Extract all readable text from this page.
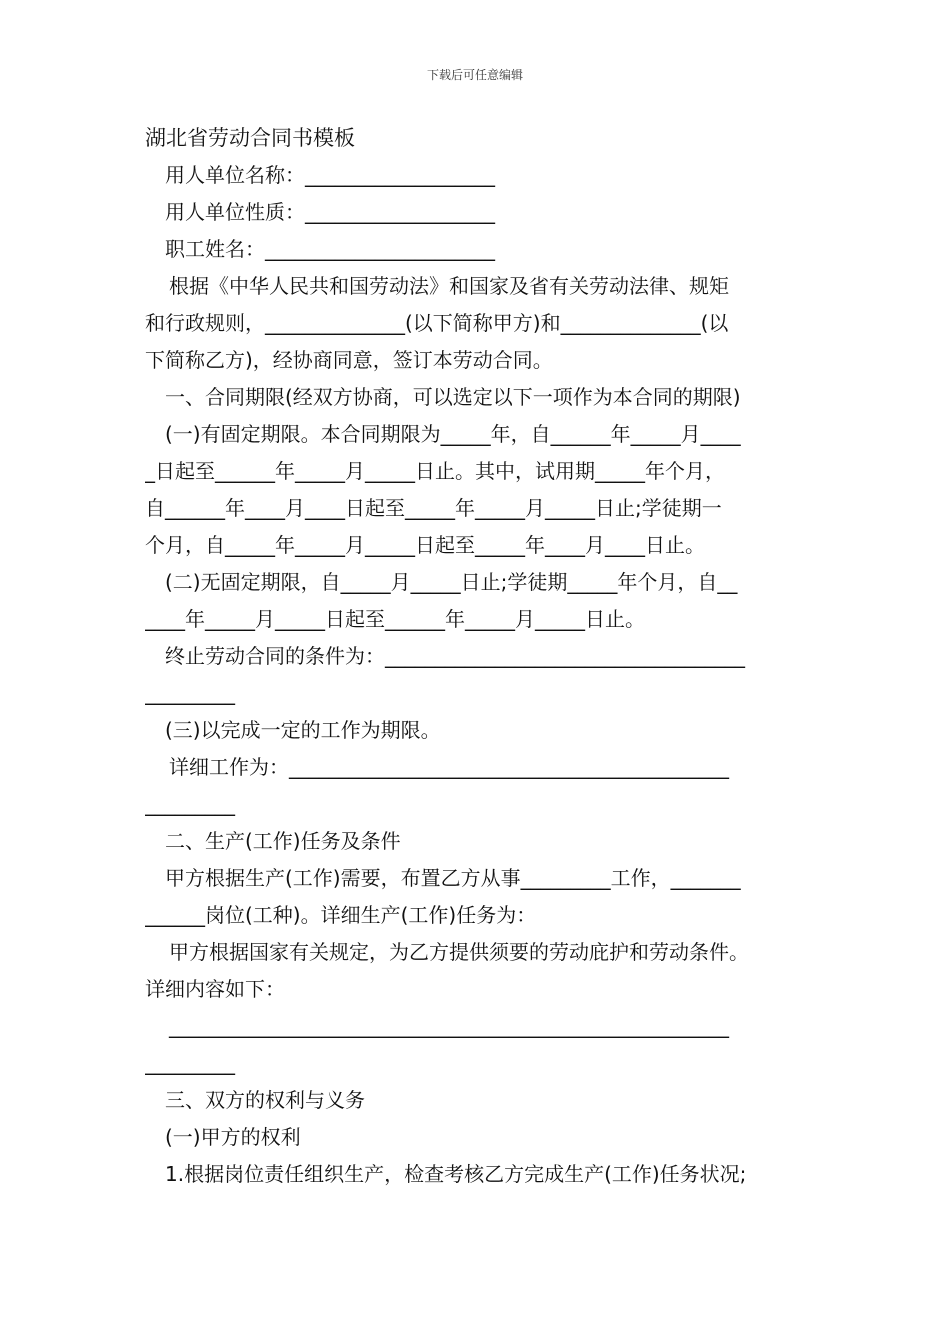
下载后可任意编辑
湖北省劳动合同书模板
用人单位名称：___________________
用人单位性质：___________________
职工姓名：_______________________
根据《中华人民共和国劳动法》和国家及省有关劳动法律、规矩
和行政规则，______________(以下简称甲方)和______________(以
下简称乙方)，经协商同意，签订本劳动合同。
一、合同期限(经双方协商，可以选定以下一项作为本合同的期限)
(一)有固定期限。本合同期限为_____年，自______年_____月____
_日起至______年_____月_____日止。其中，试用期_____年个月，
自______年____月____日起至_____年_____月_____日止;学徒期一
个月，自_____年_____月_____日起至_____年____月____日止。
(二)无固定期限，自_____月_____日止;学徒期_____年个月，自__
____年_____月_____日起至______年_____月_____日止。
终止劳动合同的条件为：____________________________________
_________
(三)以完成一定的工作为期限。
详细工作为：____________________________________________
_________
二、生产(工作)任务及条件
甲方根据生产(工作)需要，布置乙方从事_________工作，_______
______岗位(工种)。详细生产(工作)任务为：
甲方根据国家有关规定，为乙方提供须要的劳动庇护和劳动条件。
详细内容如下：
________________________________________________________
_________
三、双方的权利与义务
(一)甲方的权利
1.根据岗位责任组织生产，检查考核乙方完成生产(工作)任务状况;
